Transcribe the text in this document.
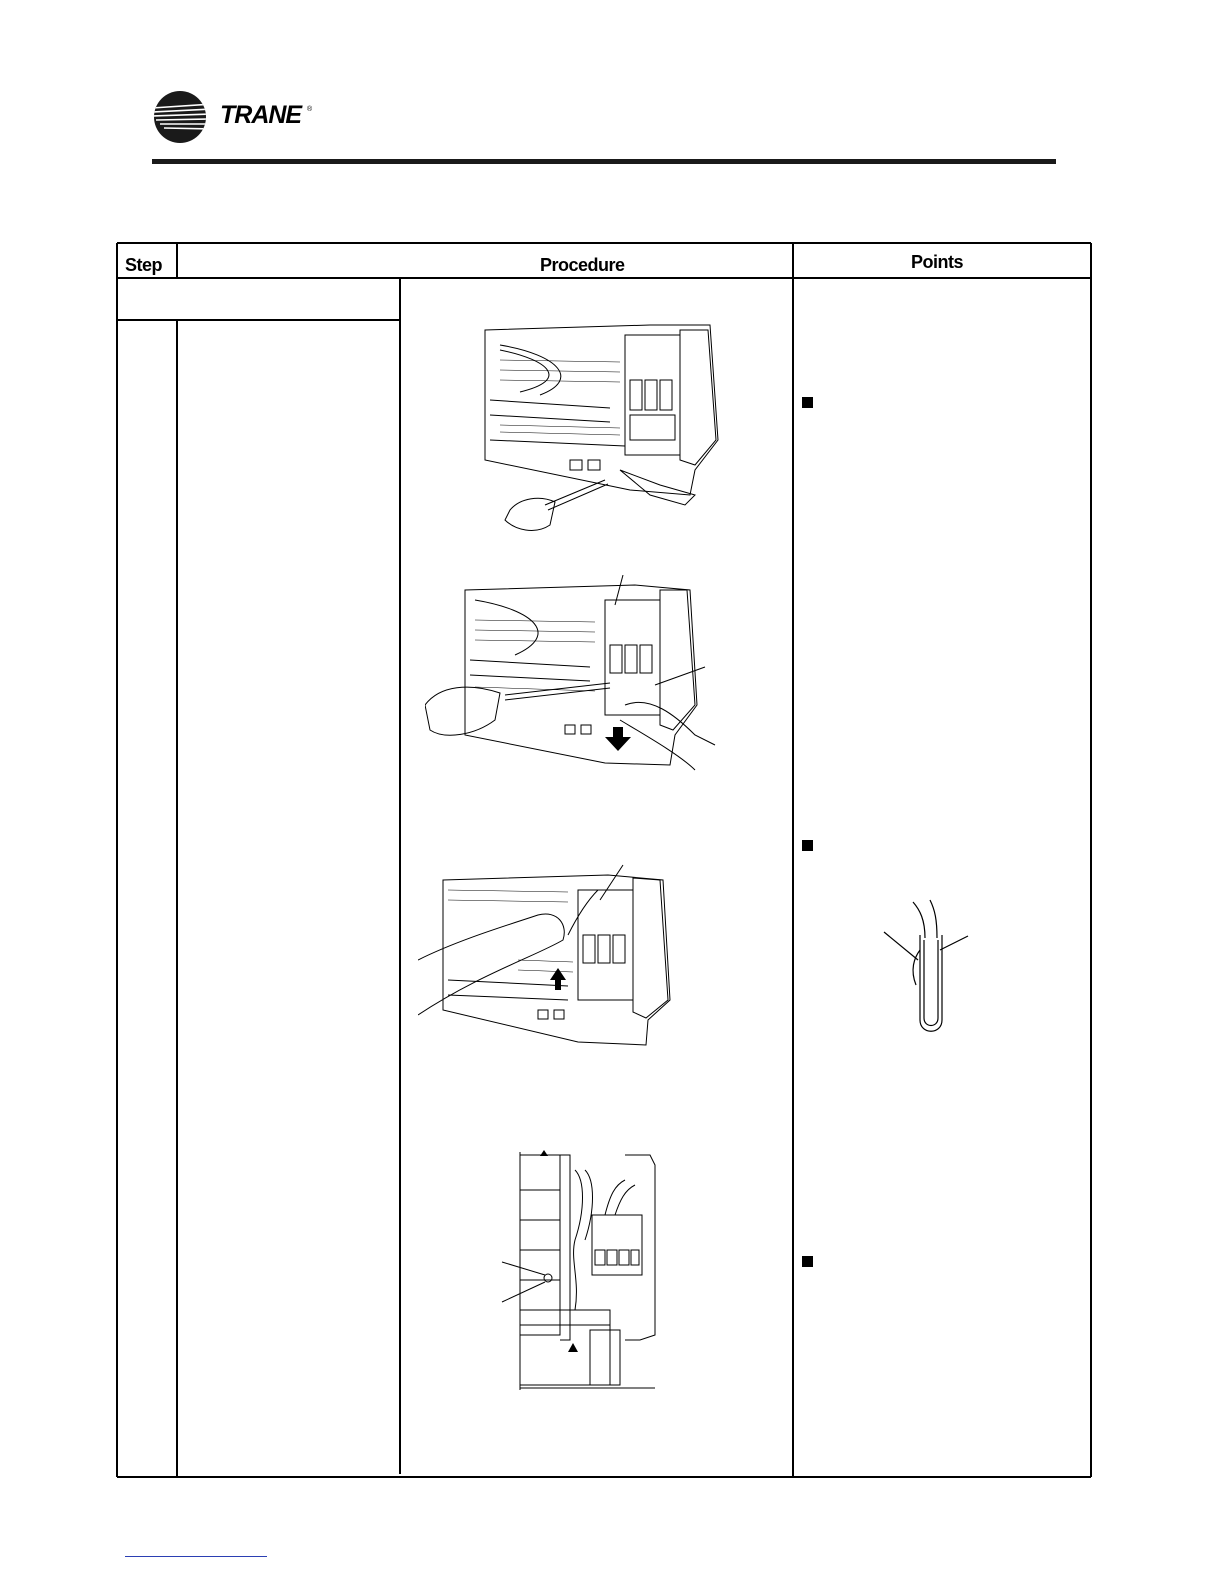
TRANE ®
Step	Procedure	Points
